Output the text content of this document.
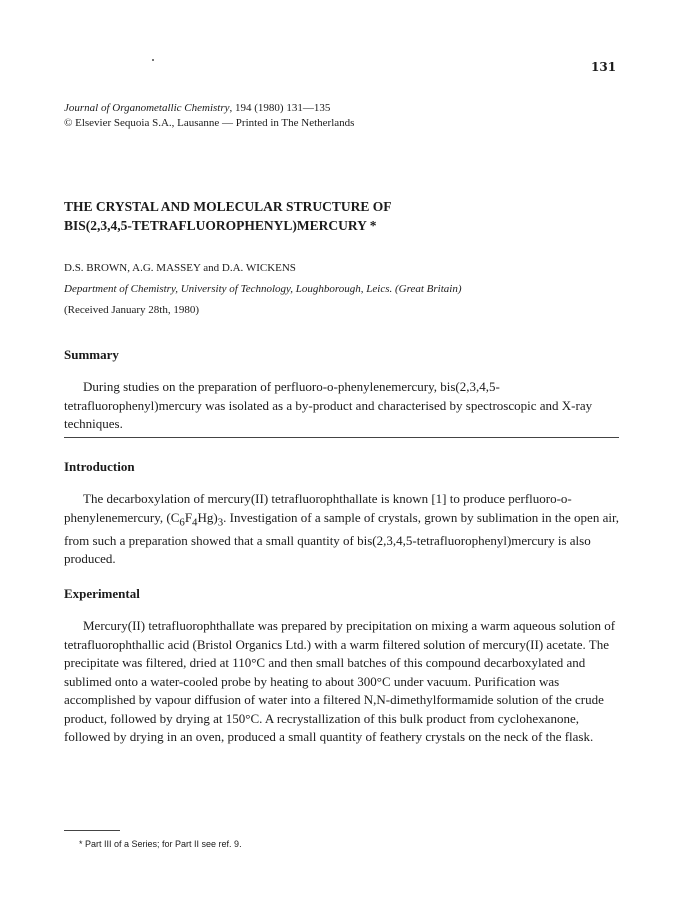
131
Journal of Organometallic Chemistry, 194 (1980) 131—135
© Elsevier Sequoia S.A., Lausanne — Printed in The Netherlands
THE CRYSTAL AND MOLECULAR STRUCTURE OF
BIS(2,3,4,5-TETRAFLUOROPHENYL)MERCURY *
D.S. BROWN, A.G. MASSEY and D.A. WICKENS
Department of Chemistry, University of Technology, Loughborough, Leics. (Great Britain)
(Received January 28th, 1980)
Summary

During studies on the preparation of perfluoro-o-phenylenemercury, bis(2,3,4,5-tetrafluorophenyl)mercury was isolated as a by-product and characterised by spectroscopic and X-ray techniques.

Introduction

The decarboxylation of mercury(II) tetrafluorophthallate is known [1] to produce perfluoro-o-phenylenemercury, $(C_6F_4Hg)_3$. Investigation of a sample of crystals, grown by sublimation in the open air, from such a preparation showed that a small quantity of bis(2,3,4,5-tetrafluorophenyl)mercury is also produced.

Experimental

Mercury(II) tetrafluorophthallate was prepared by precipitation on mixing a warm aqueous solution of tetrafluorophthallic acid (Bristol Organics Ltd.) with a warm filtered solution of mercury(II) acetate. The precipitate was filtered, dried at 110°C and then small batches of this compound decarboxylated and sublimed onto a water-cooled probe by heating to about 300°C under vacuum. Purification was accomplished by vapour diffusion of water into a filtered N,N-dimethylformamide solution of the crude product, followed by drying at 150°C. A recrystallization of this bulk product from cyclohexanone, followed by drying in an oven, produced a small quantity of feathery crystals on the neck of the flask.

* Part III of a Series; for Part II see ref. 9.
